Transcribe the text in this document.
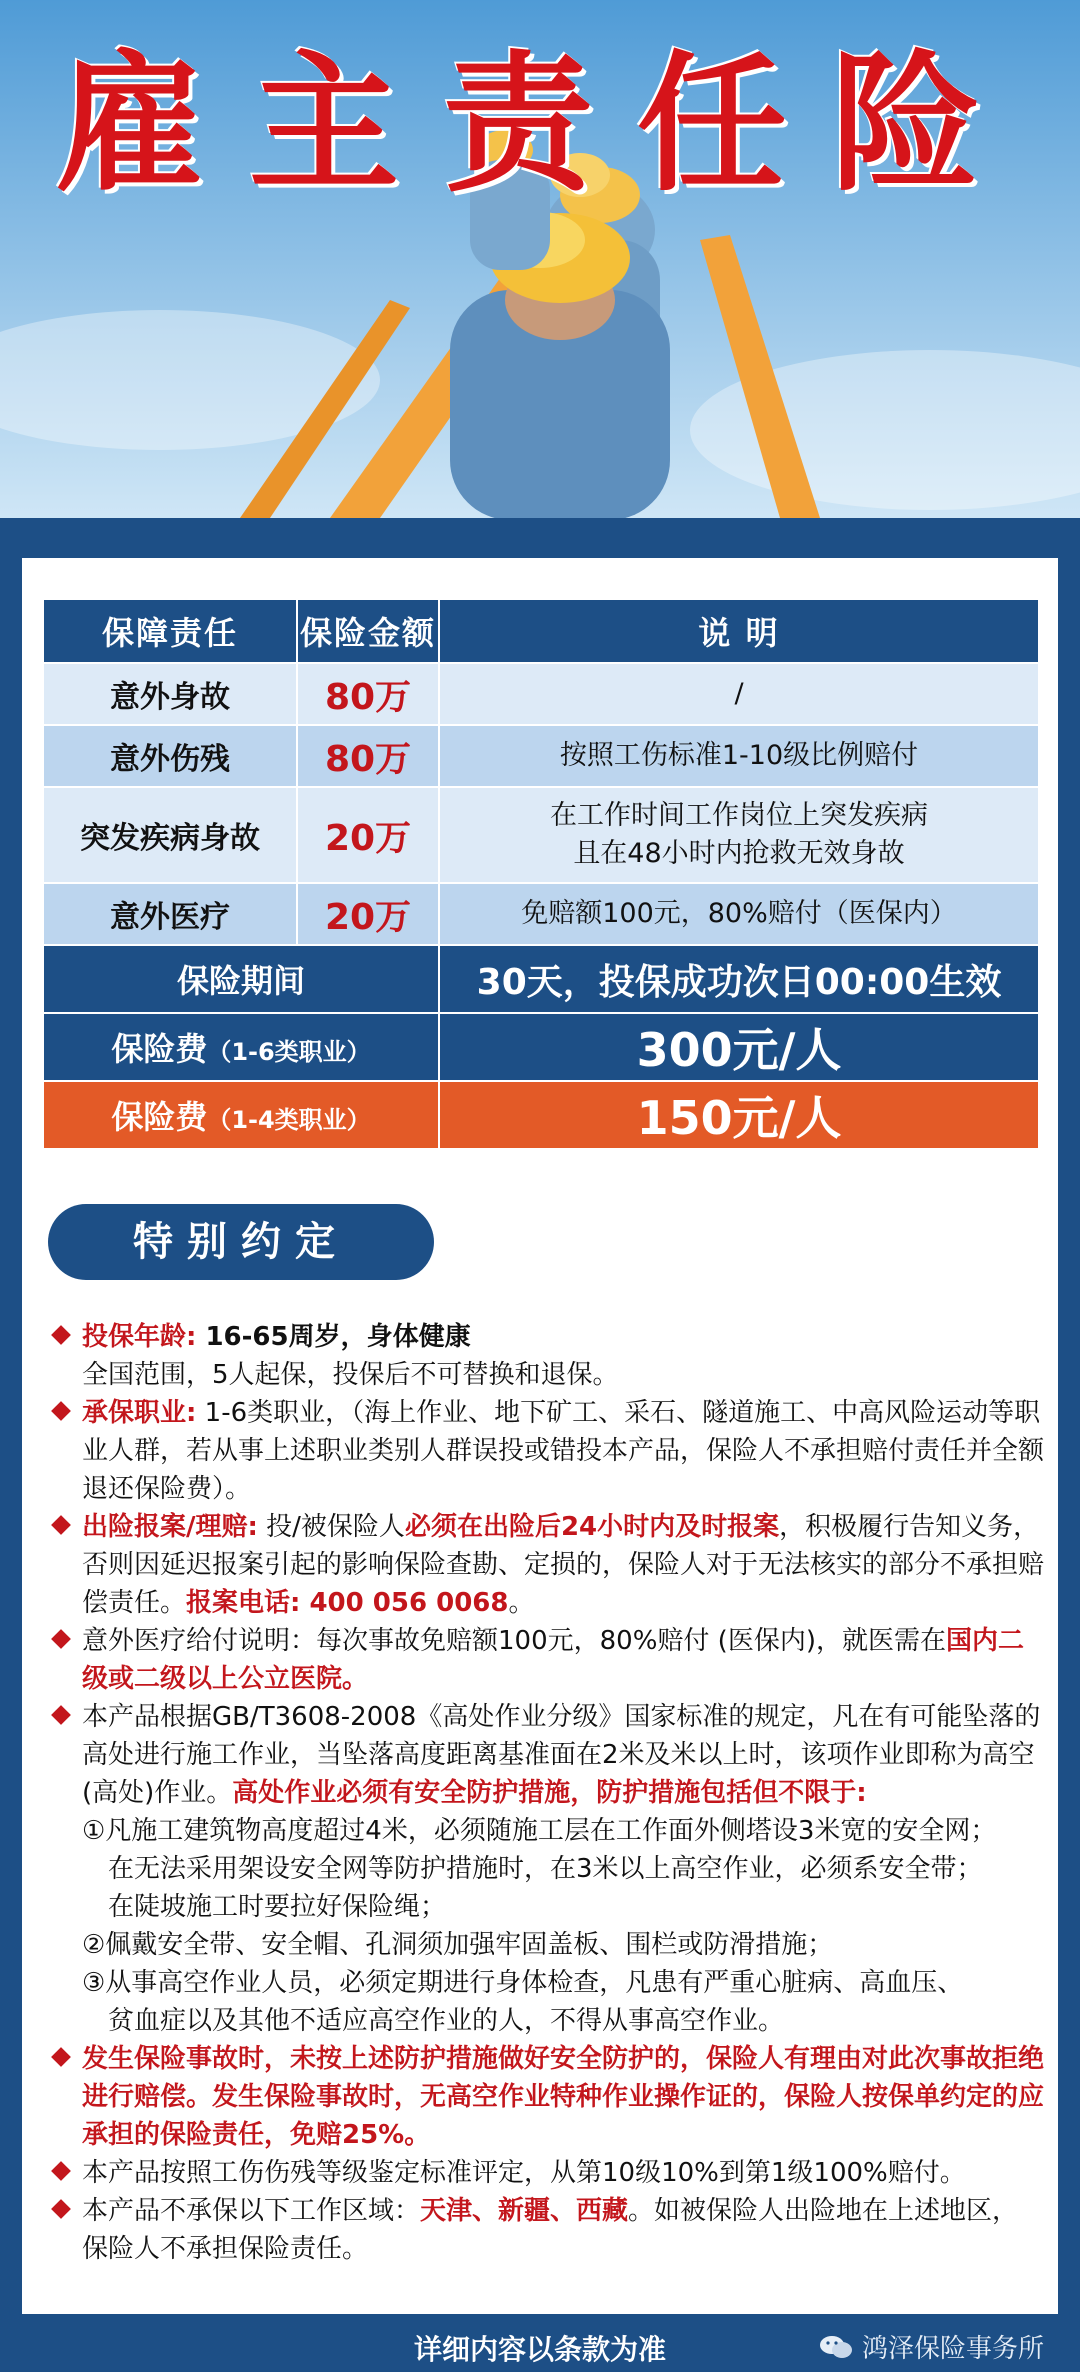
雇主责任险
保障责任	保险金额	说 明
意外身故	80万	/
意外伤残	80万	按照工伤标准1-10级比例赔付
突发疾病身故	20万	在工作时间工作岗位上突发疾病
且在48小时内抢救无效身故

意外医疗	20万	免赔额100元，80%赔付（医保内）
保险期间		30天，投保成功次日00:00生效
保险费（1-6类职业）		300元/人
保险费（1-4类职业）		150元/人
特别约定
投保年龄: 16-65周岁，身体健康
全国范围，5人起保，投保后不可替换和退保。
承保职业: 1-6类职业，（海上作业、地下矿工、采石、隧道施工、中高风险运动等职业人群，若从事上述职业类别人群误投或错投本产品，保险人不承担赔付责任并全额退还保险费）。
出险报案/理赔: 投/被保险人必须在出险后24小时内及时报案，积极履行告知义务，否则因延迟报案引起的影响保险查勘、定损的，保险人对于无法核实的部分不承担赔偿责任。报案电话: 400 056 0068。
意外医疗给付说明：每次事故免赔额100元，80%赔付 (医保内)，就医需在国内二级或二级以上公立医院。
本产品根据GB/T3608-2008《高处作业分级》国家标准的规定，凡在有可能坠落的高处进行施工作业，当坠落高度距离基准面在2米及米以上时，该项作业即称为高空 (高处)作业。高处作业必须有安全防护措施，防护措施包括但不限于:
①凡施工建筑物高度超过4米，必须随施工层在工作面外侧塔设3米宽的安全网；
在无法采用架设安全网等防护措施时，在3米以上高空作业，必须系安全带；
在陡坡施工时要拉好保险绳；
②佩戴安全带、安全帽、孔洞须加强牢固盖板、围栏或防滑措施；
③从事高空作业人员，必须定期进行身体检查，凡患有严重心脏病、高血压、
贫血症以及其他不适应高空作业的人，不得从事高空作业。
发生保险事故时，未按上述防护措施做好安全防护的，保险人有理由对此次事故拒绝进行赔偿。发生保险事故时，无高空作业特种作业操作证的，保险人按保单约定的应承担的保险责任，免赔25%。
本产品按照工伤伤残等级鉴定标准评定，从第10级10%到第1级100%赔付。
本产品不承保以下工作区域：天津、新疆、西藏。如被保险人出险地在上述地区，保险人不承担保险责任。
详细内容以条款为准	鸿泽保险事务所
